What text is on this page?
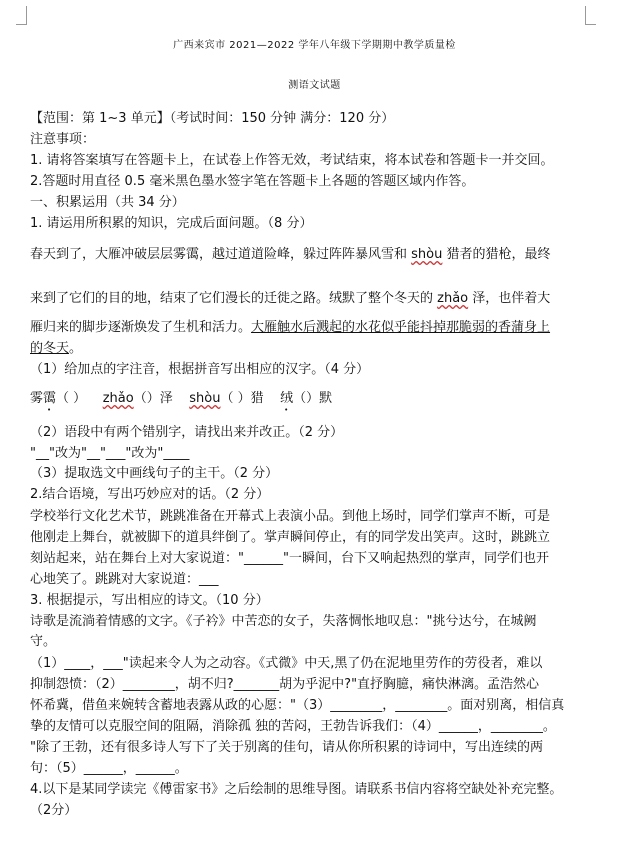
广西来宾市 2021—2022 学年八年级下学期期中教学质量检
测语文试题
【范围：第 1~3 单元】（考试时间：150 分钟 满分：120 分）
注意事项：
1. 请将答案填写在答题卡上，在试卷上作答无效，考试结束，将本试卷和答题卡一并交回。
2.答题时用直径 0.5 毫米黑色墨水签字笔在答题卡上各题的答题区域内作答。
一、积累运用（共 34 分）
1. 请运用所积累的知识，完成后面问题。（8 分）
春天到了，大雁冲破层层雾霭，越过道道险峰，躲过阵阵暴风雪和 shòu 猎者的猎枪，最终
来到了它们的目的地，结束了它们漫长的迁徙之路。绒默了整个冬天的 zhǎo 泽，也伴着大
雁归来的脚步逐渐焕发了生机和活力。大雁触水后溅起的水花似乎能抖掉那脆弱的香蒲身上
的冬天。
（1）给加点的字注音，根据拼音写出相应的汉字。（4 分）
雾霭（ ） zhǎo（）泽 shòu（ ）猎 绒（）默
（2）语段中有两个错别字，请找出来并改正。（2 分）
"__"改为"__"___"改为"____
（3）提取选文中画线句子的主干。（2 分）
2.结合语境，写出巧妙应对的话。（2 分）
学校举行文化艺术节，跳跳准备在开幕式上表演小品。到他上场时，同学们掌声不断，可是
他刚走上舞台，就被脚下的道具绊倒了。掌声瞬间停止，有的同学发出笑声。这时，跳跳立
刻站起来，站在舞台上对大家说道："______"一瞬间，台下又响起热烈的掌声，同学们也开
心地笑了。跳跳对大家说道：___
3. 根据提示，写出相应的诗文。（10 分）
诗歌是流淌着情感的文字。《子衿》中苦恋的女子，失落惆怅地叹息："挑兮达兮，在城阙
守。
（1）____，___"读起来令人为之动容。《式微》中天,黑了仍在泥地里劳作的劳役者，难以
抑制怨愤：（2）________，胡不归?_______胡为乎泥中?"直抒胸臆，痛快淋漓。孟浩然心
怀希冀，借鱼来婉转含蓄地表露从政的心愿："（3）________，________。面对别离，相信真
挚的友情可以克服空间的阻隔，消除孤 独的苦闷，王勃告诉我们：（4）______，________。
"除了王勃，还有很多诗人写下了关于别离的佳句，请从你所积累的诗词中，写出连续的两
句：（5）______，______。
4.以下是某同学读完《傅雷家书》之后绘制的思维导图。请联系书信内容将空缺处补充完整。
（2分）
